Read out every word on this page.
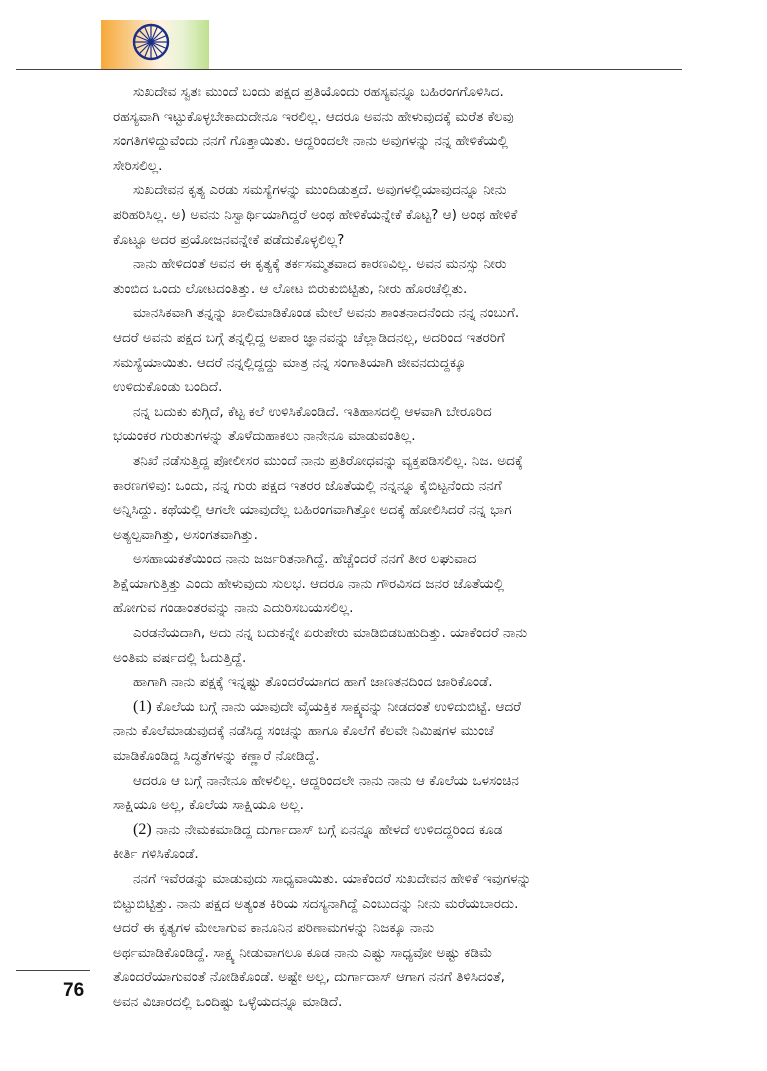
ಸುಖದೇವ ಸ್ವತಃ ಮುಂದೆ ಬಂದು ಪಕ್ಷದ ಪ್ರತಿಯೊಂದು ರಹಸ್ಯವನ್ನೂ ಬಹಿರಂಗಗೊಳಿಸಿದ.
ರಹಸ್ಯವಾಗಿ ಇಟ್ಟುಕೊಳ್ಳಬೇಕಾದುದೇನೂ ಇರಲಿಲ್ಲ. ಆದರೂ ಅವನು ಹೇಳುವುದಕ್ಕೆ ಮರೆತ ಕೆಲವು
ಸಂಗತಿಗಳಿದ್ದುವೆಂದು ನನಗೆ ಗೊತ್ತಾಯಿತು. ಆದ್ದರಿಂದಲೇ ನಾನು ಅವುಗಳನ್ನು ನನ್ನ ಹೇಳಿಕೆಯಲ್ಲಿ
ಸೇರಿಸಲಿಲ್ಲ.

ಸುಖದೇವನ ಕೃತ್ಯ ಎರಡು ಸಮಸ್ಯೆಗಳನ್ನು ಮುಂದಿಡುತ್ತದೆ. ಅವುಗಳಲ್ಲಿಯಾವುದನ್ನೂ ನೀನು
ಪರಿಹರಿಸಿಲ್ಲ. ಅ) ಅವನು ನಿಸ್ವಾರ್ಥಿಯಾಗಿದ್ದರೆ ಅಂಥ ಹೇಳಿಕೆಯನ್ನೇಕೆ ಕೊಟ್ಟ? ಆ) ಅಂಥ ಹೇಳಿಕೆ
ಕೊಟ್ಟೂ ಅದರ ಪ್ರಯೋಜನವನ್ನೇಕೆ ಪಡೆದುಕೊಳ್ಳಲಿಲ್ಲ?

ನಾನು ಹೇಳಿದಂತೆ ಅವನ ಈ ಕೃತ್ಯಕ್ಕೆ ತರ್ಕಸಮ್ಮತವಾದ ಕಾರಣವಿಲ್ಲ. ಅವನ ಮನಸ್ಸು ನೀರು
ತುಂಬಿದ ಒಂದು ಲೋಟದಂತಿತ್ತು. ಆ ಲೋಟ ಬಿರುಕುಬಿಟ್ಟಿತು, ನೀರು ಹೊರಚೆಲ್ಲಿತು.

ಮಾನಸಿಕವಾಗಿ ತನ್ನನ್ನು ಖಾಲಿಮಾಡಿಕೊಂಡ ಮೇಲೆ ಅವನು ಶಾಂತನಾದನೆಂದು ನನ್ನ ನಂಬುಗೆ.
ಆದರೆ ಅವನು ಪಕ್ಷದ ಬಗ್ಗೆ ತನ್ನಲ್ಲಿದ್ದ ಅಪಾರ ಜ್ಞಾನವನ್ನು ಚೆಲ್ಲಾಡಿದನಲ್ಲ, ಅದರಿಂದ ಇತರರಿಗೆ
ಸಮಸ್ಯೆಯಾಯಿತು. ಆದರೆ ನನ್ನಲ್ಲಿದ್ದದ್ದು ಮಾತ್ರ ನನ್ನ ಸಂಗಾತಿಯಾಗಿ ಜೀವನದುದ್ದಕ್ಕೂ
ಉಳಿದುಕೊಂಡು ಬಂದಿದೆ.

ನನ್ನ ಬದುಕು ಕುಗ್ಗಿದೆ, ಕೆಟ್ಟ ಕಲೆ ಉಳಿಸಿಕೊಂಡಿದೆ. ಇತಿಹಾಸದಲ್ಲಿ ಆಳವಾಗಿ ಬೇರೂರಿದ
ಭಯಂಕರ ಗುರುತುಗಳನ್ನು ತೊಳೆದುಹಾಕಲು ನಾನೇನೂ ಮಾಡುವಂತಿಲ್ಲ.

ತನಿಖೆ ನಡೆಸುತ್ತಿದ್ದ ಪೋಲೀಸರ ಮುಂದೆ ನಾನು ಪ್ರತಿರೋಧವನ್ನು ವ್ಯಕ್ತಪಡಿಸಲಿಲ್ಲ. ನಿಜ. ಅದಕ್ಕೆ
ಕಾರಣಗಳಿವು: ಒಂದು, ನನ್ನ ಗುರು ಪಕ್ಷದ ಇತರರ ಜೊತೆಯಲ್ಲಿ ನನ್ನನ್ನೂ ಕೈಬಿಟ್ಟನೆಂದು ನನಗೆ
ಅನ್ನಿಸಿದ್ದು. ಕಥೆಯಲ್ಲಿ ಆಗಲೇ ಯಾವುದೆಲ್ಲ ಬಹಿರಂಗವಾಗಿತ್ತೋ ಅದಕ್ಕೆ ಹೋಲಿಸಿದರೆ ನನ್ನ ಭಾಗ
ಅತ್ಯಲ್ಪವಾಗಿತ್ತು, ಅಸಂಗತವಾಗಿತ್ತು.

ಅಸಹಾಯಕತೆಯಿಂದ ನಾನು ಜರ್ಜರಿತನಾಗಿದ್ದೆ. ಹೆಚ್ಚೆಂದರೆ ನನಗೆ ತೀರ ಲಘುವಾದ
ಶಿಕ್ಷೆಯಾಗುತ್ತಿತ್ತು ಎಂದು ಹೇಳುವುದು ಸುಲಭ. ಆದರೂ ನಾನು ಗೌರವಿಸದ ಜನರ ಜೊತೆಯಲ್ಲಿ
ಹೋಗುವ ಗಂಡಾಂತರವನ್ನು ನಾನು ಎದುರಿಸಬಯಸಲಿಲ್ಲ.

ಎರಡನೆಯದಾಗಿ, ಅದು ನನ್ನ ಬದುಕನ್ನೇ ಏರುಪೇರು ಮಾಡಿಬಿಡಬಹುದಿತ್ತು. ಯಾಕೆಂದರೆ ನಾನು
ಅಂತಿಮ ವರ್ಷದಲ್ಲಿ ಓದುತ್ತಿದ್ದೆ.

ಹಾಗಾಗಿ ನಾನು ಪಕ್ಷಕ್ಕೆ ಇನ್ನಷ್ಟು ತೊಂದರೆಯಾಗದ ಹಾಗೆ ಜಾಣತನದಿಂದ ಜಾರಿಕೊಂಡೆ.

(1) ಕೊಲೆಯ ಬಗ್ಗೆ ನಾನು ಯಾವುದೇ ವೈಯಕ್ತಿಕ ಸಾಕ್ಷ್ಯವನ್ನು ನೀಡದಂತೆ ಉಳಿದುಬಿಟ್ಟೆ. ಆದರೆ
ನಾನು ಕೊಲೆಮಾಡುವುದಕ್ಕೆ ನಡೆಸಿದ್ದ ಸಂಚನ್ನು ಹಾಗೂ ಕೊಲೆಗೆ ಕೆಲವೇ ನಿಮಿಷಗಳ ಮುಂಚೆ
ಮಾಡಿಕೊಂಡಿದ್ದ ಸಿದ್ಧತೆಗಳನ್ನು ಕಣ್ಣಾರೆ ನೋಡಿದ್ದೆ.

ಆದರೂ ಆ ಬಗ್ಗೆ ನಾನೇನೂ ಹೇಳಲಿಲ್ಲ. ಆದ್ದರಿಂದಲೇ ನಾನು ನಾನು ಆ ಕೊಲೆಯ ಒಳಸಂಚಿನ
ಸಾಕ್ಷಿಯೂ ಅಲ್ಲ, ಕೊಲೆಯ ಸಾಕ್ಷಿಯೂ ಅಲ್ಲ.

(2) ನಾನು ನೇಮಕಮಾಡಿದ್ದ ದುರ್ಗಾದಾಸ್ ಬಗ್ಗೆ ಏನನ್ನೂ ಹೇಳದೆ ಉಳಿದದ್ದರಿಂದ ಕೂಡ
ಕೀರ್ತಿ ಗಳಿಸಿಕೊಂಡೆ.

ನನಗೆ ಇವೆರಡನ್ನು ಮಾಡುವುದು ಸಾಧ್ಯವಾಯಿತು. ಯಾಕೆಂದರೆ ಸುಖದೇವನ ಹೇಳಿಕೆ ಇವುಗಳನ್ನು
ಬಿಟ್ಟುಬಿಟ್ಟಿತ್ತು. ನಾನು ಪಕ್ಷದ ಅತ್ಯಂತ ಕಿರಿಯ ಸದಸ್ಯನಾಗಿದ್ದೆ ಎಂಬುದನ್ನು ನೀನು ಮರೆಯಬಾರದು.
ಆದರೆ ಈ ಕೃತ್ಯಗಳ ಮೇಲಾಗುವ ಕಾನೂನಿನ ಪರಿಣಾಮಗಳನ್ನು ನಿಜಕ್ಕೂ ನಾನು
ಅರ್ಥಮಾಡಿಕೊಂಡಿದ್ದೆ. ಸಾಕ್ಷ್ಯ ನೀಡುವಾಗಲೂ ಕೂಡ ನಾನು ಎಷ್ಟು ಸಾಧ್ಯವೋ ಅಷ್ಟು ಕಡಿಮೆ
ತೊಂದರೆಯಾಗುವಂತೆ ನೋಡಿಕೊಂಡೆ. ಅಷ್ಟೇ ಅಲ್ಲ, ದುರ್ಗಾದಾಸ್ ಆಗಾಗ ನನಗೆ ತಿಳಿಸಿದಂತೆ,
ಅವನ ವಿಚಾರದಲ್ಲಿ ಒಂದಿಷ್ಟು ಒಳ್ಳೆಯದನ್ನೂ ಮಾಡಿದೆ.

76
